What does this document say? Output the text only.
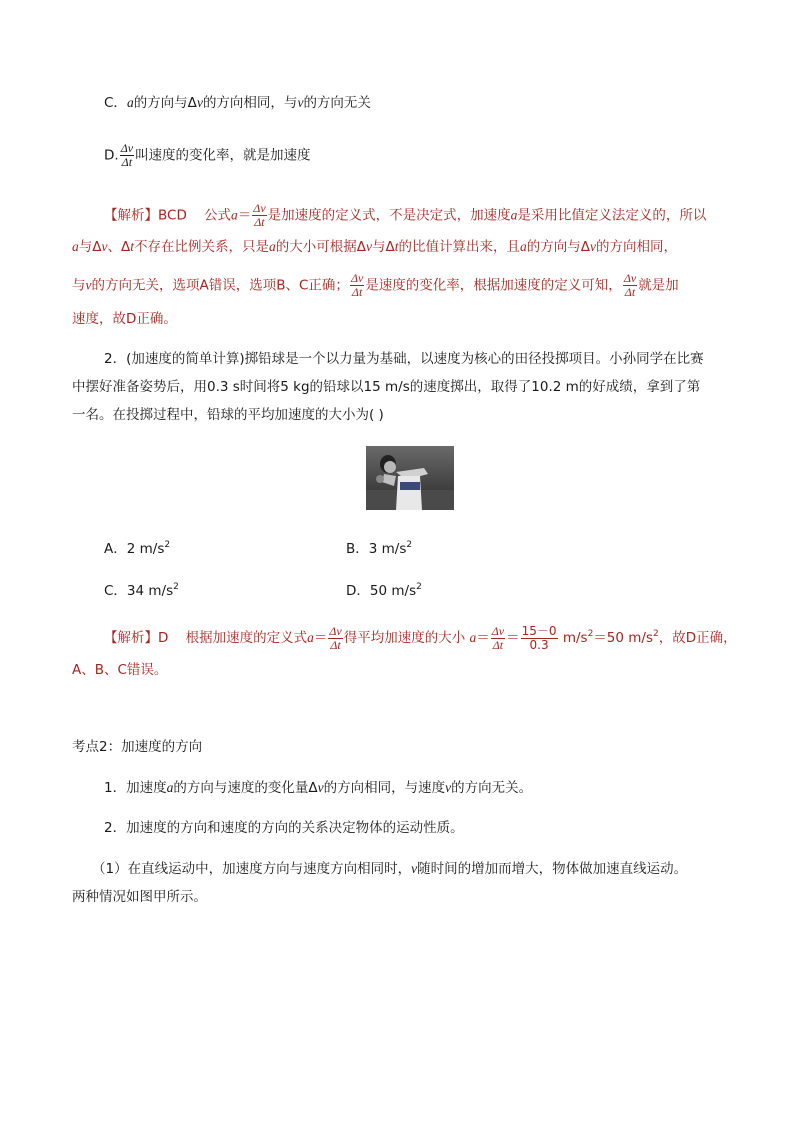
C．a的方向与Δv的方向相同，与v的方向无关
D. $\frac{\Delta v}{\Delta t}$ 叫速度的变化率，就是加速度
【解析】BCD 公式$a= \frac{\Delta v}{\Delta t}$ 是加速度的定义式，不是决定式，加速度a是采用比值定义法定义的，所以
a与Δv、Δt不存在比例关系，只是a的大小可根据Δv与Δt的比值计算出来，且a的方向与Δv的方向相同，
与v的方向无关，选项A错误，选项B、C正确； $\frac{\Delta v}{\Delta t}$ 是速度的变化率，根据加速度的定义可知， $\frac{\Delta v}{\Delta t}$ 就是加
速度，故D正确。
2．(加速度的简单计算)掷铅球是一个以力量为基础，以速度为核心的田径投掷项目。小孙同学在比赛
中摆好准备姿势后，用0.3 s时间将5 kg的铅球以15 m/s的速度掷出，取得了10.2 m的好成绩，拿到了第
一名。在投掷过程中，铅球的平均加速度的大小为( )
A．2 $m/s^2$	B．3 $m/s^2$
C．34 $m/s^2$	D．50 $m/s^2$
【解析】D 根据加速度的定义式$a= \frac{\Delta v}{\Delta t}$ 得平均加速度的大小 $a= \frac{\Delta v}{\Delta t} = \frac{15-0}{0.3} m/s^2=50$ $m/s^2$，故D正确，
A、B、C错误。
考点2：加速度的方向
1．加速度a的方向与速度的变化量Δv的方向相同，与速度v的方向无关。
2．加速度的方向和速度的方向的关系决定物体的运动性质。
（1）在直线运动中，加速度方向与速度方向相同时，v随时间的增加而增大，物体做加速直线运动。
两种情况如图甲所示。
